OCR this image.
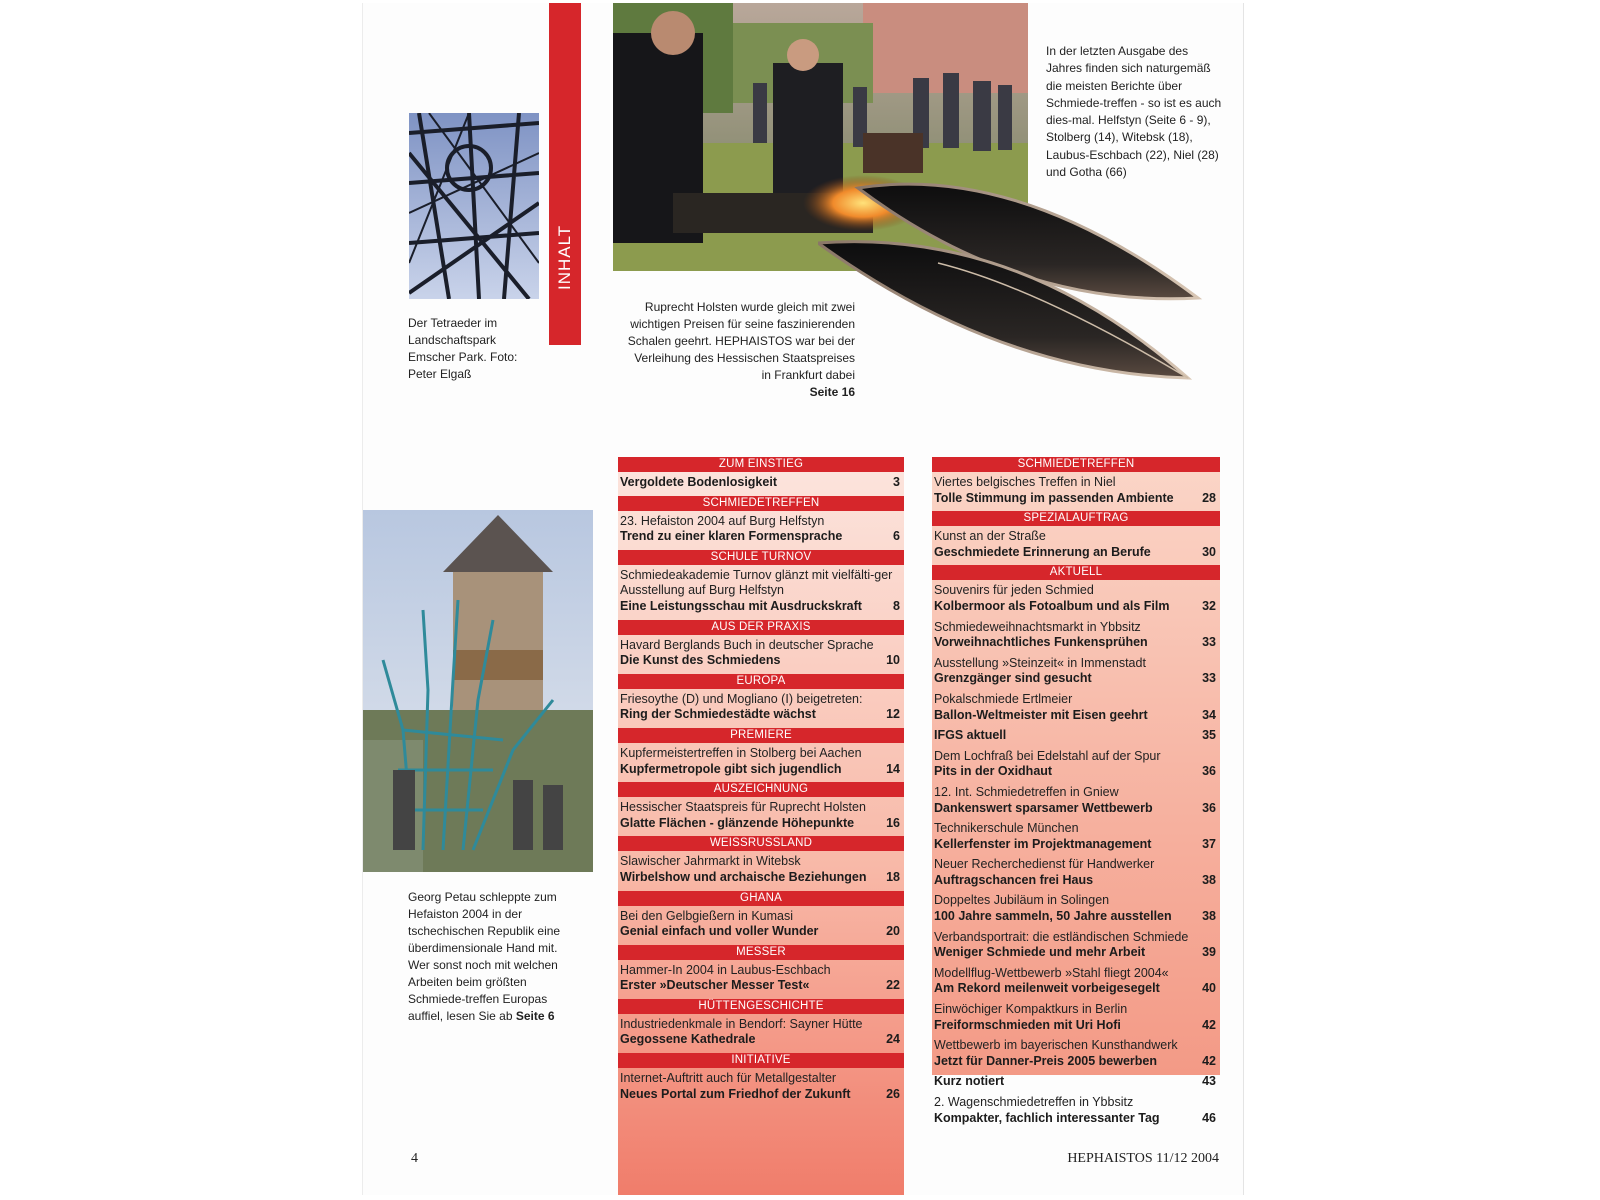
Der Tetraeder im Landschaftspark Emscher Park. Foto: Peter Elgaß
INHALT
In der letzten Ausgabe des Jahres finden sich naturgemäß die meisten Berichte über Schmiede-treffen - so ist es auch dies-mal. Helfstyn (Seite 6 - 9), Stolberg (14), Witebsk (18), Laubus-Eschbach (22), Niel (28) und Gotha (66)
Ruprecht Holsten wurde gleich mit zwei wichtigen Preisen für seine faszinierenden Schalen geehrt. HEPHAISTOS war bei der Verleihung des Hessischen Staatspreises in Frankfurt dabei
Seite 16
Georg Petau schleppte zum Hefaiston 2004 in der tschechischen Republik eine überdimensionale Hand mit. Wer sonst noch mit welchen Arbeiten beim größten Schmiede-treffen Europas auffiel, lesen Sie ab Seite 6
ZUM EINSTIEG
Vergoldete Bodenlosigkeit	3
SCHMIEDETREFFEN
23. Hefaiston 2004 auf Burg Helfstyn
Trend zu einer klaren Formensprache	6
SCHULE TURNOV
Schmiedeakademie Turnov glänzt mit vielfälti-ger Ausstellung auf Burg Helfstyn
Eine Leistungsschau mit Ausdruckskraft	8
AUS DER PRAXIS
Havard Berglands Buch in deutscher Sprache
Die Kunst des Schmiedens	10
EUROPA
Friesoythe (D) und Mogliano (I) beigetreten:
Ring der Schmiedestädte wächst	12
PREMIERE
Kupfermeistertreffen in Stolberg bei Aachen
Kupfermetropole gibt sich jugendlich	14
AUSZEICHNUNG
Hessischer Staatspreis für Ruprecht Holsten
Glatte Flächen - glänzende Höhepunkte	16
WEISSRUSSLAND
Slawischer Jahrmarkt in Witebsk
Wirbelshow und archaische Beziehungen	18
GHANA
Bei den Gelbgießern in Kumasi
Genial einfach und voller Wunder	20
MESSER
Hammer-In 2004 in Laubus-Eschbach
Erster »Deutscher Messer Test«	22
HÜTTENGESCHICHTE
Industriedenkmale in Bendorf: Sayner Hütte
Gegossene Kathedrale	24
INITIATIVE
Internet-Auftritt auch für Metallgestalter
Neues Portal zum Friedhof der Zukunft	26
SCHMIEDETREFFEN
Viertes belgisches Treffen in Niel
Tolle Stimmung im passenden Ambiente	28
SPEZIALAUFTRAG
Kunst an der Straße
Geschmiedete Erinnerung an Berufe	30
AKTUELL
Souvenirs für jeden Schmied
Kolbermoor als Fotoalbum und als Film	32
Schmiedeweihnachtsmarkt in Ybbsitz
Vorweihnachtliches Funkensprühen	33
Ausstellung »Steinzeit« in Immenstadt
Grenzgänger sind gesucht	33
Pokalschmiede Ertlmeier
Ballon-Weltmeister mit Eisen geehrt	34
IFGS aktuell	35
Dem Lochfraß bei Edelstahl auf der Spur
Pits in der Oxidhaut	36
12. Int. Schmiedetreffen in Gniew
Dankenswert sparsamer Wettbewerb	36
Technikerschule München
Kellerfenster im Projektmanagement	37
Neuer Recherchedienst für Handwerker
Auftragschancen frei Haus	38
Doppeltes Jubiläum in Solingen
100 Jahre sammeln, 50 Jahre ausstellen	38
Verbandsportrait: die estländischen Schmiede
Weniger Schmiede und mehr Arbeit	39
Modellflug-Wettbewerb »Stahl fliegt 2004«
Am Rekord meilenweit vorbeigesegelt	40
Einwöchiger Kompaktkurs in Berlin
Freiformschmieden mit Uri Hofi	42
Wettbewerb im bayerischen Kunsthandwerk
Jetzt für Danner-Preis 2005 bewerben	42
Kurz notiert	43
2. Wagenschmiedetreffen in Ybbsitz
Kompakter, fachlich interessanter Tag	46
4	HEPHAISTOS 11/12 2004
